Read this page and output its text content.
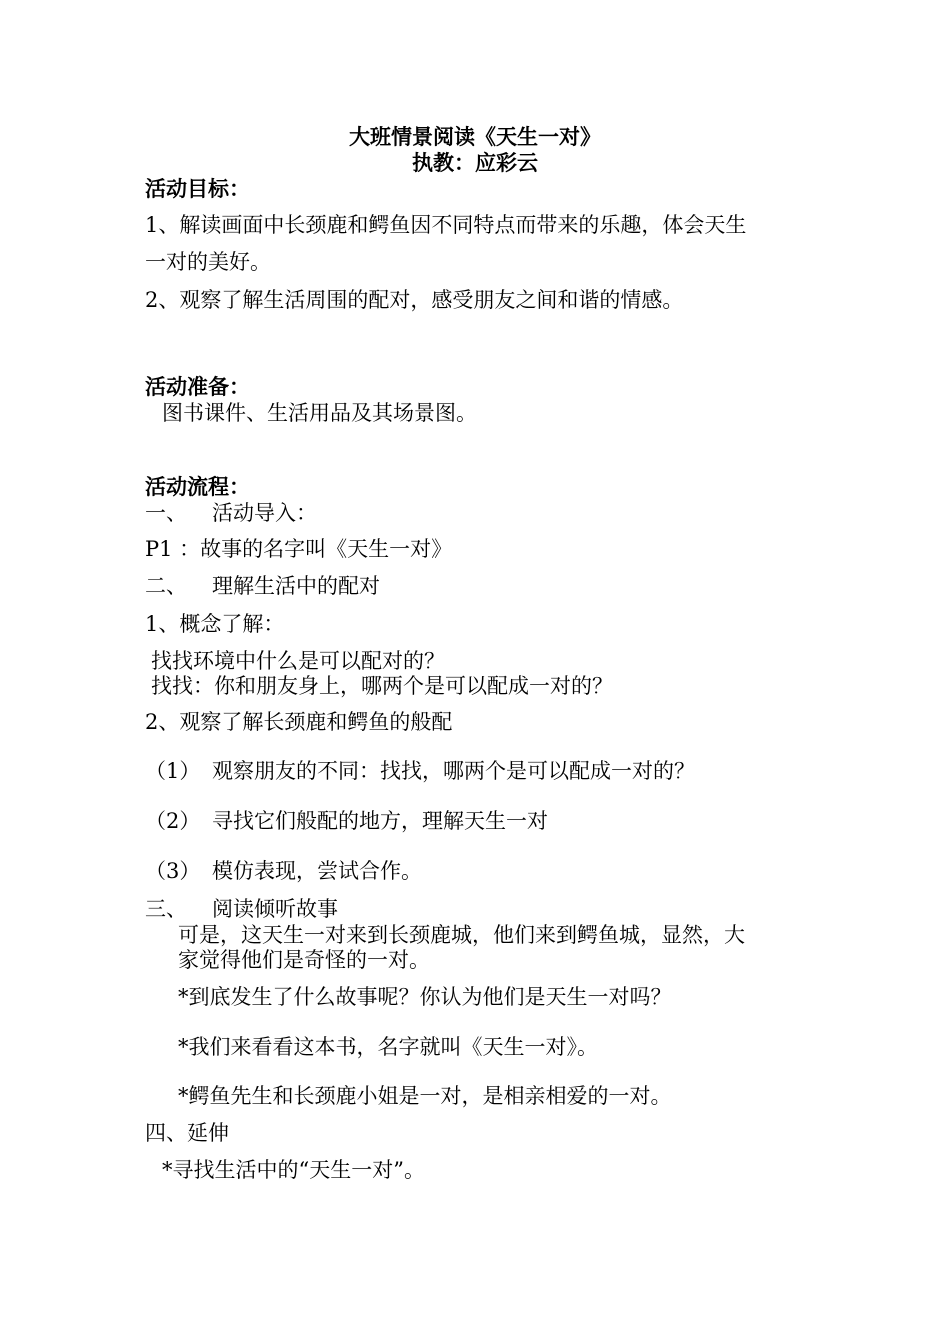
大班情景阅读《天生一对》
执教：应彩云
活动目标：
1、解读画面中长颈鹿和鳄鱼因不同特点而带来的乐趣，体会天生
一对的美好。
2、观察了解生活周围的配对，感受朋友之间和谐的情感。
活动准备：
图书课件、生活用品及其场景图。
活动流程：
一、 活动导入：
P1 ：故事的名字叫《天生一对》
二、 理解生活中的配对
1、概念了解：
找找环境中什么是可以配对的？
找找：你和朋友身上，哪两个是可以配成一对的？
2、观察了解长颈鹿和鳄鱼的般配
（1） 观察朋友的不同：找找，哪两个是可以配成一对的？
（2） 寻找它们般配的地方，理解天生一对
（3） 模仿表现，尝试合作。
三、 阅读倾听故事
可是，这天生一对来到长颈鹿城，他们来到鳄鱼城，显然，大
家觉得他们是奇怪的一对。
*到底发生了什么故事呢？你认为他们是天生一对吗？
*我们来看看这本书，名字就叫《天生一对》。
*鳄鱼先生和长颈鹿小姐是一对，是相亲相爱的一对。
四、延伸
*寻找生活中的“天生一对”。
